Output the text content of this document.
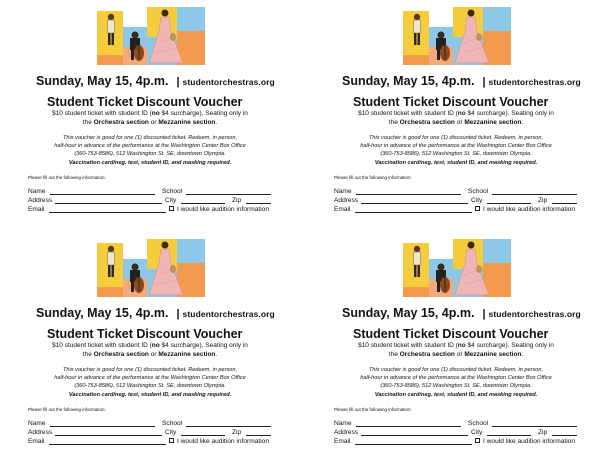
Sunday, May 15, 4p.m. | studentorchestras.org
Student Ticket Discount Voucher
$10 student ticket with student ID (no $4 surcharge). Seating only in
the Orchestra section or Mezzanine section.
This voucher is good for one (1) discounted ticket. Redeem, in person,
half-hour in advance of the performance at the Washington Center Box Office
(360-753-8586), 512 Washington St. SE, downtown Olympia.
Vaccination card/neg. test, student ID, and masking required.
Please fill out the following information:
Name	School
Address	City	Zip
Email	I would like audition information
Sunday, May 15, 4p.m. | studentorchestras.org
Student Ticket Discount Voucher
$10 student ticket with student ID (no $4 surcharge). Seating only in
the Orchestra section or Mezzanine section.
This voucher is good for one (1) discounted ticket. Redeem, in person,
half-hour in advance of the performance at the Washington Center Box Office
(360-753-8586), 512 Washington St. SE, downtown Olympia.
Vaccination card/neg. test, student ID, and masking required.
Please fill out the following information:
Name	School
Address	City	Zip
Email	I would like audition information
Sunday, May 15, 4p.m. | studentorchestras.org
Student Ticket Discount Voucher
$10 student ticket with student ID (no $4 surcharge). Seating only in
the Orchestra section or Mezzanine section.
This voucher is good for one (1) discounted ticket. Redeem, in person,
half-hour in advance of the performance at the Washington Center Box Office
(360-753-8586), 512 Washington St. SE, downtown Olympia.
Vaccination card/neg. test, student ID, and masking required.
Please fill out the following information:
Name	School
Address	City	Zip
Email	I would like audition information
Sunday, May 15, 4p.m. | studentorchestras.org
Student Ticket Discount Voucher
$10 student ticket with student ID (no $4 surcharge). Seating only in
the Orchestra section or Mezzanine section.
This voucher is good for one (1) discounted ticket. Redeem, in person,
half-hour in advance of the performance at the Washington Center Box Office
(360-753-8586), 512 Washington St. SE, downtown Olympia.
Vaccination card/neg. test, student ID, and masking required.
Please fill out the following information:
Name	School
Address	City	Zip
Email	I would like audition information
